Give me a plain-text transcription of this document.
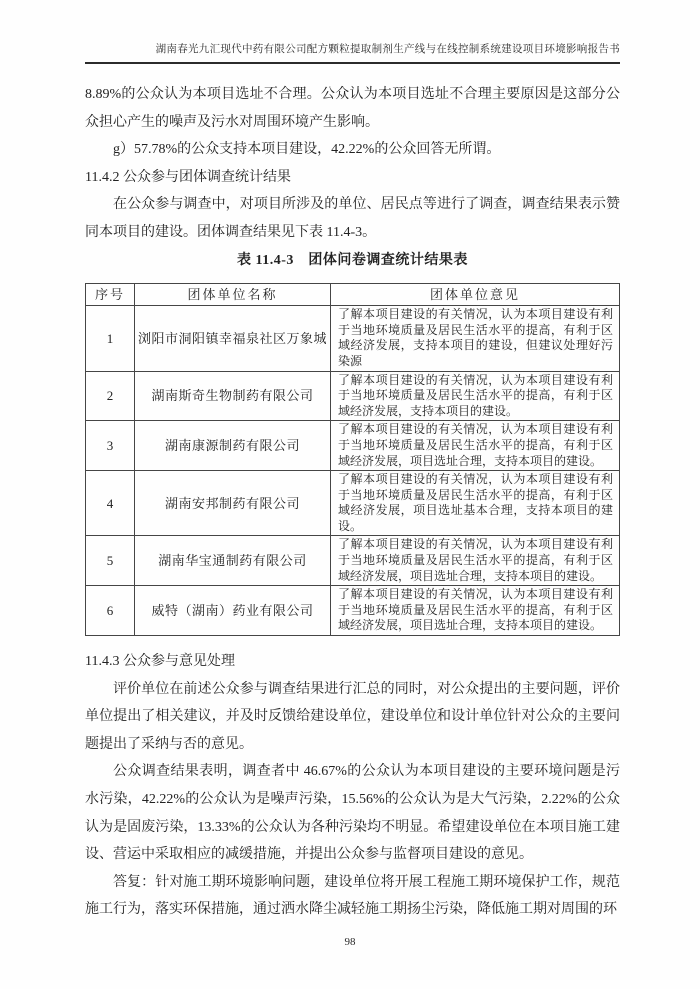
湖南春光九汇现代中药有限公司配方颗粒提取制剂生产线与在线控制系统建设项目环境影响报告书

8.89%的公众认为本项目选址不合理。公众认为本项目选址不合理主要原因是这部分公众担心产生的噪声及污水对周围环境产生影响。

g）57.78%的公众支持本项目建设，42.22%的公众回答无所谓。

11.4.2 公众参与团体调查统计结果

在公众参与调查中，对项目所涉及的单位、居民点等进行了调查，调查结果表示赞同本项目的建设。团体调查结果见下表 11.4-3。

表 11.4-3　团体问卷调查统计结果表
序号	团体单位名称	团体单位意见
1	浏阳市洞阳镇幸福泉社区万象城	了解本项目建设的有关情况，认为本项目建设有利于当地环境质量及居民生活水平的提高，有利于区域经济发展，支持本项目的建设，但建议处理好污染源
2	湖南斯奇生物制药有限公司	了解本项目建设的有关情况，认为本项目建设有利于当地环境质量及居民生活水平的提高，有利于区域经济发展，支持本项目的建设。
3	湖南康源制药有限公司	了解本项目建设的有关情况，认为本项目建设有利于当地环境质量及居民生活水平的提高，有利于区域经济发展，项目选址合理，支持本项目的建设。
4	湖南安邦制药有限公司	了解本项目建设的有关情况，认为本项目建设有利于当地环境质量及居民生活水平的提高，有利于区域经济发展，项目选址基本合理，支持本项目的建设。
5	湖南华宝通制药有限公司	了解本项目建设的有关情况，认为本项目建设有利于当地环境质量及居民生活水平的提高，有利于区域经济发展，项目选址合理，支持本项目的建设。
6	威特（湖南）药业有限公司	了解本项目建设的有关情况，认为本项目建设有利于当地环境质量及居民生活水平的提高，有利于区域经济发展，项目选址合理，支持本项目的建设。
11.4.3 公众参与意见处理

评价单位在前述公众参与调查结果进行汇总的同时，对公众提出的主要问题，评价单位提出了相关建议，并及时反馈给建设单位，建设单位和设计单位针对公众的主要问题提出了采纳与否的意见。

公众调查结果表明，调查者中 46.67%的公众认为本项目建设的主要环境问题是污水污染，42.22%的公众认为是噪声污染，15.56%的公众认为是大气污染，2.22%的公众认为是固废污染，13.33%的公众认为各种污染均不明显。希望建设单位在本项目施工建设、营运中采取相应的减缓措施，并提出公众参与监督项目建设的意见。

答复：针对施工期环境影响问题，建设单位将开展工程施工期环境保护工作，规范施工行为，落实环保措施，通过洒水降尘减轻施工期扬尘污染，降低施工期对周围的环

98
